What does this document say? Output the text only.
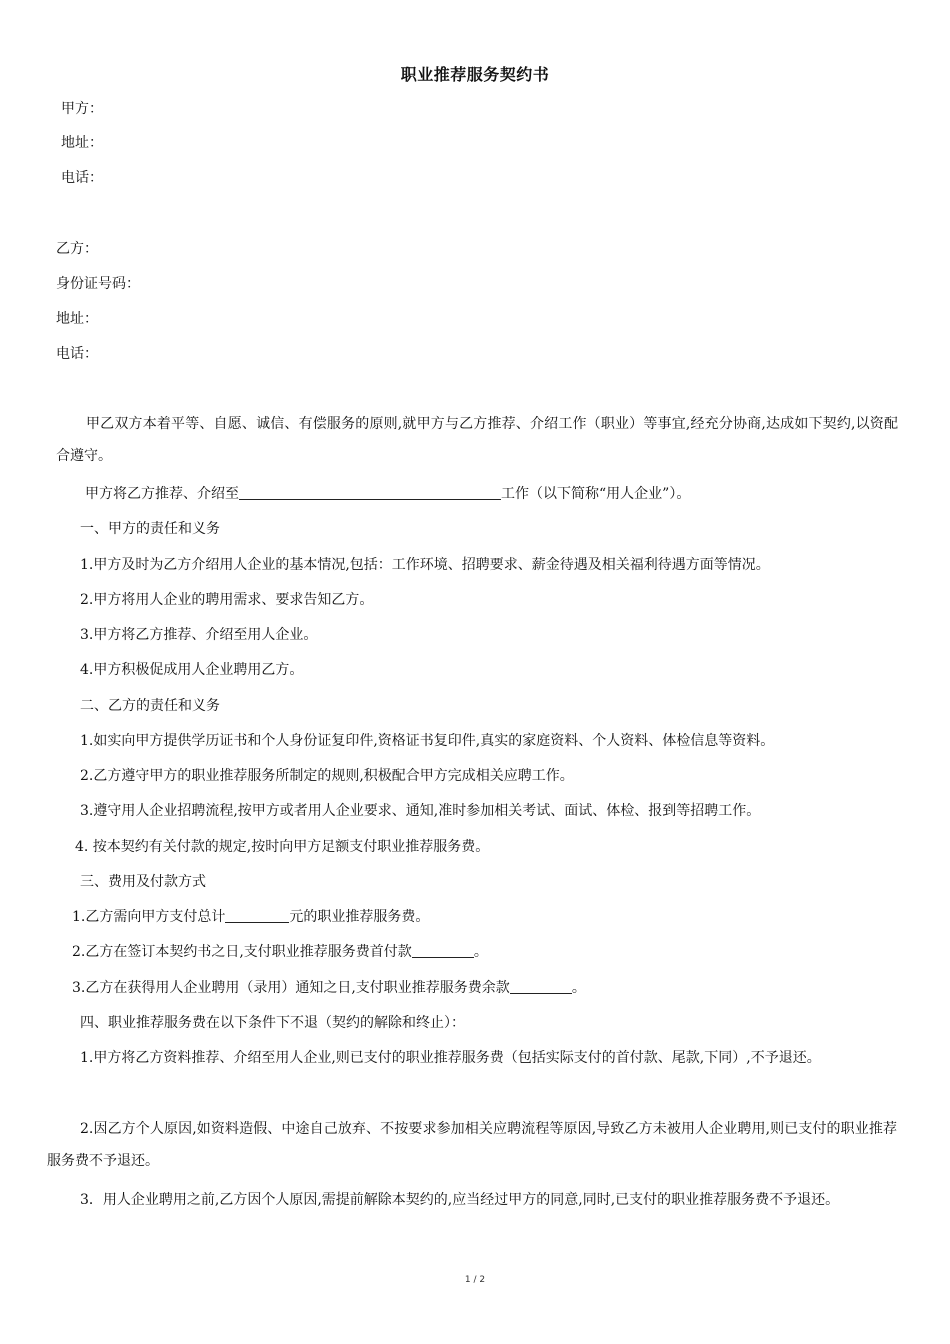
职业推荐服务契约书
甲方：
地址：
电话：
乙方：
身份证号码：
地址：
电话：
甲乙双方本着平等、自愿、诚信、有偿服务的原则,就甲方与乙方推荐、介绍工作（职业）等事宜,经充分协商,达成如下契约,以资配合遵守。
甲方将乙方推荐、介绍至	工作（以下简称“用人企业”）。
一、甲方的责任和义务
1.甲方及时为乙方介绍用人企业的基本情况,包括：工作环境、招聘要求、薪金待遇及相关福利待遇方面等情况。
2.甲方将用人企业的聘用需求、要求告知乙方。
3.甲方将乙方推荐、介绍至用人企业。
4.甲方积极促成用人企业聘用乙方。
二、乙方的责任和义务
1.如实向甲方提供学历证书和个人身份证复印件,资格证书复印件,真实的家庭资料、个人资料、体检信息等资料。
2.乙方遵守甲方的职业推荐服务所制定的规则,积极配合甲方完成相关应聘工作。
3.遵守用人企业招聘流程,按甲方或者用人企业要求、通知,准时参加相关考试、面试、体检、报到等招聘工作。
4. 按本契约有关付款的规定,按时向甲方足额支付职业推荐服务费。
三、费用及付款方式
1.乙方需向甲方支付总计	元的职业推荐服务费。
2.乙方在签订本契约书之日,支付职业推荐服务费首付款	。
3.乙方在获得用人企业聘用（录用）通知之日,支付职业推荐服务费余款	。
四、职业推荐服务费在以下条件下不退（契约的解除和终止）：
1.甲方将乙方资料推荐、介绍至用人企业,则已支付的职业推荐服务费（包括实际支付的首付款、尾款,下同）,不予退还。
2.因乙方个人原因,如资料造假、中途自己放弃、不按要求参加相关应聘流程等原因,导致乙方未被用人企业聘用,则已支付的职业推荐服务费不予退还。
3．用人企业聘用之前,乙方因个人原因,需提前解除本契约的,应当经过甲方的同意,同时,已支付的职业推荐服务费不予退还。
1 / 2
